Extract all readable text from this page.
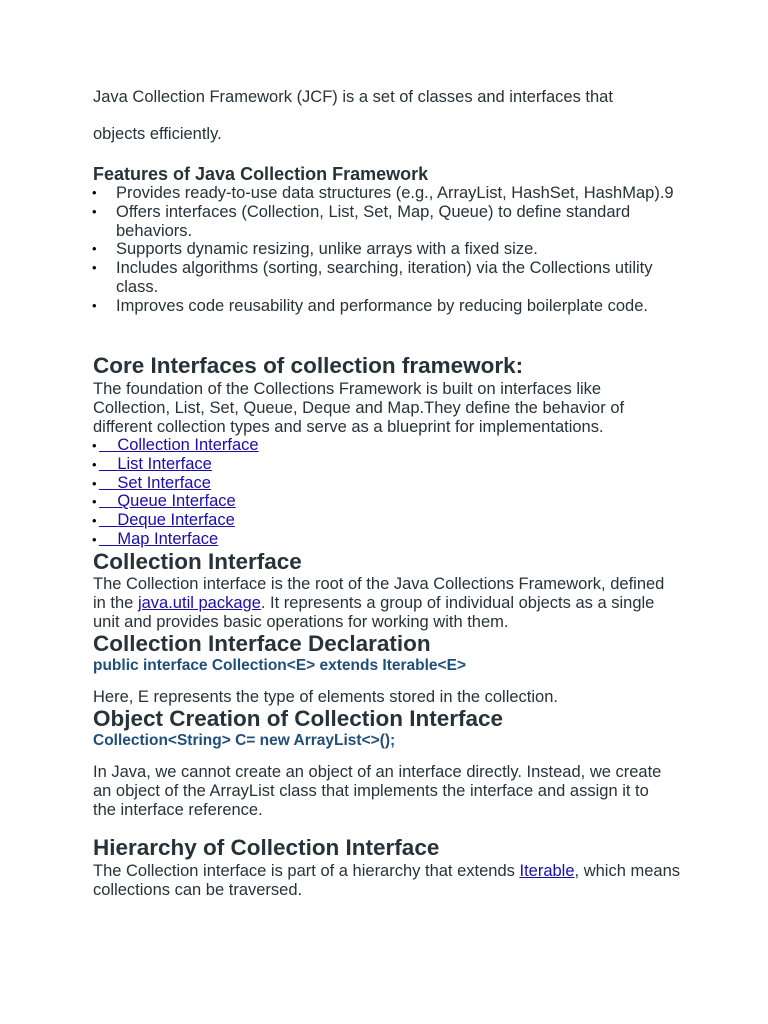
Java Collection Framework (JCF) is a set of classes and interfaces that

objects efficiently.

Features of Java Collection Framework
• Provides ready-to-use data structures (e.g., ArrayList, HashSet, HashMap).9
• Offers interfaces (Collection, List, Set, Map, Queue) to define standard behaviors.
• Supports dynamic resizing, unlike arrays with a fixed size.
• Includes algorithms (sorting, searching, iteration) via the Collections utility class.
• Improves code reusability and performance by reducing boilerplate code.
Core Interfaces of collection framework:

The foundation of the Collections Framework is built on interfaces like Collection, List, Set, Queue, Deque and Map.They define the behavior of different collection types and serve as a blueprint for implementations.

• Collection Interface
• List Interface
• Set Interface
• Queue Interface
• Deque Interface
• Map Interface
Collection Interface

The Collection interface is the root of the Java Collections Framework, defined in the java.util package. It represents a group of individual objects as a single unit and provides basic operations for working with them.

Collection Interface Declaration
public interface Collection<E> extends Iterable<E>

Here, E represents the type of elements stored in the collection.

Object Creation of Collection Interface
Collection<String> C= new ArrayList<>();

In Java, we cannot create an object of an interface directly. Instead, we create an object of the ArrayList class that implements the interface and assign it to the interface reference.

Hierarchy of Collection Interface

The Collection interface is part of a hierarchy that extends Iterable, which means collections can be traversed.
